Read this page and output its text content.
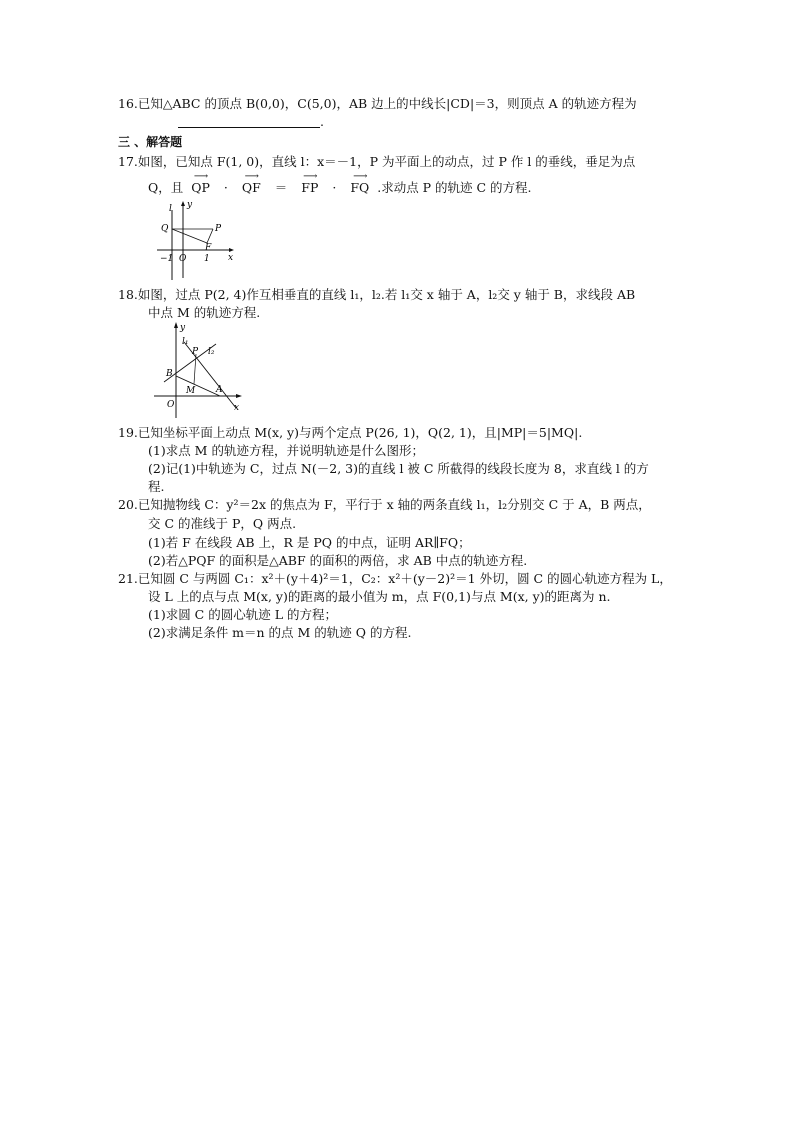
16.已知△ABC 的顶点 B(0,0)，C(5,0)，AB 边上的中线长|CD|＝3，则顶点 A 的轨迹方程为
.
三 、解答题
17.如图，已知点 F(1, 0)，直线 l：x＝－1，P 为平面上的动点，过 P 作 l 的垂线，垂足为点
Q，且 ⟶ QP · ⟶ QF ＝ ⟶ FP · ⟶ FQ .求动点 P 的轨迹 C 的方程.
l y
Q	P
F
x
−1 O 1
18.如图，过点 P(2, 4)作互相垂直的直线 l₁，l₂.若 l₁交 x 轴于 A，l₂交 y 轴于 B，求线段 AB
中点 M 的轨迹方程.
y
l₁
l₂
P
B
M A
O	x
19.已知坐标平面上动点 M(x, y)与两个定点 P(26, 1)，Q(2, 1)，且|MP|＝5|MQ|.
(1)求点 M 的轨迹方程，并说明轨迹是什么图形；
(2)记(1)中轨迹为 C，过点 N(－2, 3)的直线 l 被 C 所截得的线段长度为 8，求直线 l 的方
程.
20.已知抛物线 C：y²＝2x 的焦点为 F，平行于 x 轴的两条直线 l₁，l₂分别交 C 于 A，B 两点，
交 C 的准线于 P，Q 两点.
(1)若 F 在线段 AB 上，R 是 PQ 的中点，证明 AR∥FQ；
(2)若△PQF 的面积是△ABF 的面积的两倍，求 AB 中点的轨迹方程.
21.已知圆 C 与两圆 C₁：x²＋(y＋4)²＝1，C₂：x²＋(y－2)²＝1 外切，圆 C 的圆心轨迹方程为 L，
设 L 上的点与点 M(x, y)的距离的最小值为 m，点 F(0,1)与点 M(x, y)的距离为 n.
(1)求圆 C 的圆心轨迹 L 的方程；
(2)求满足条件 m＝n 的点 M 的轨迹 Q 的方程.
